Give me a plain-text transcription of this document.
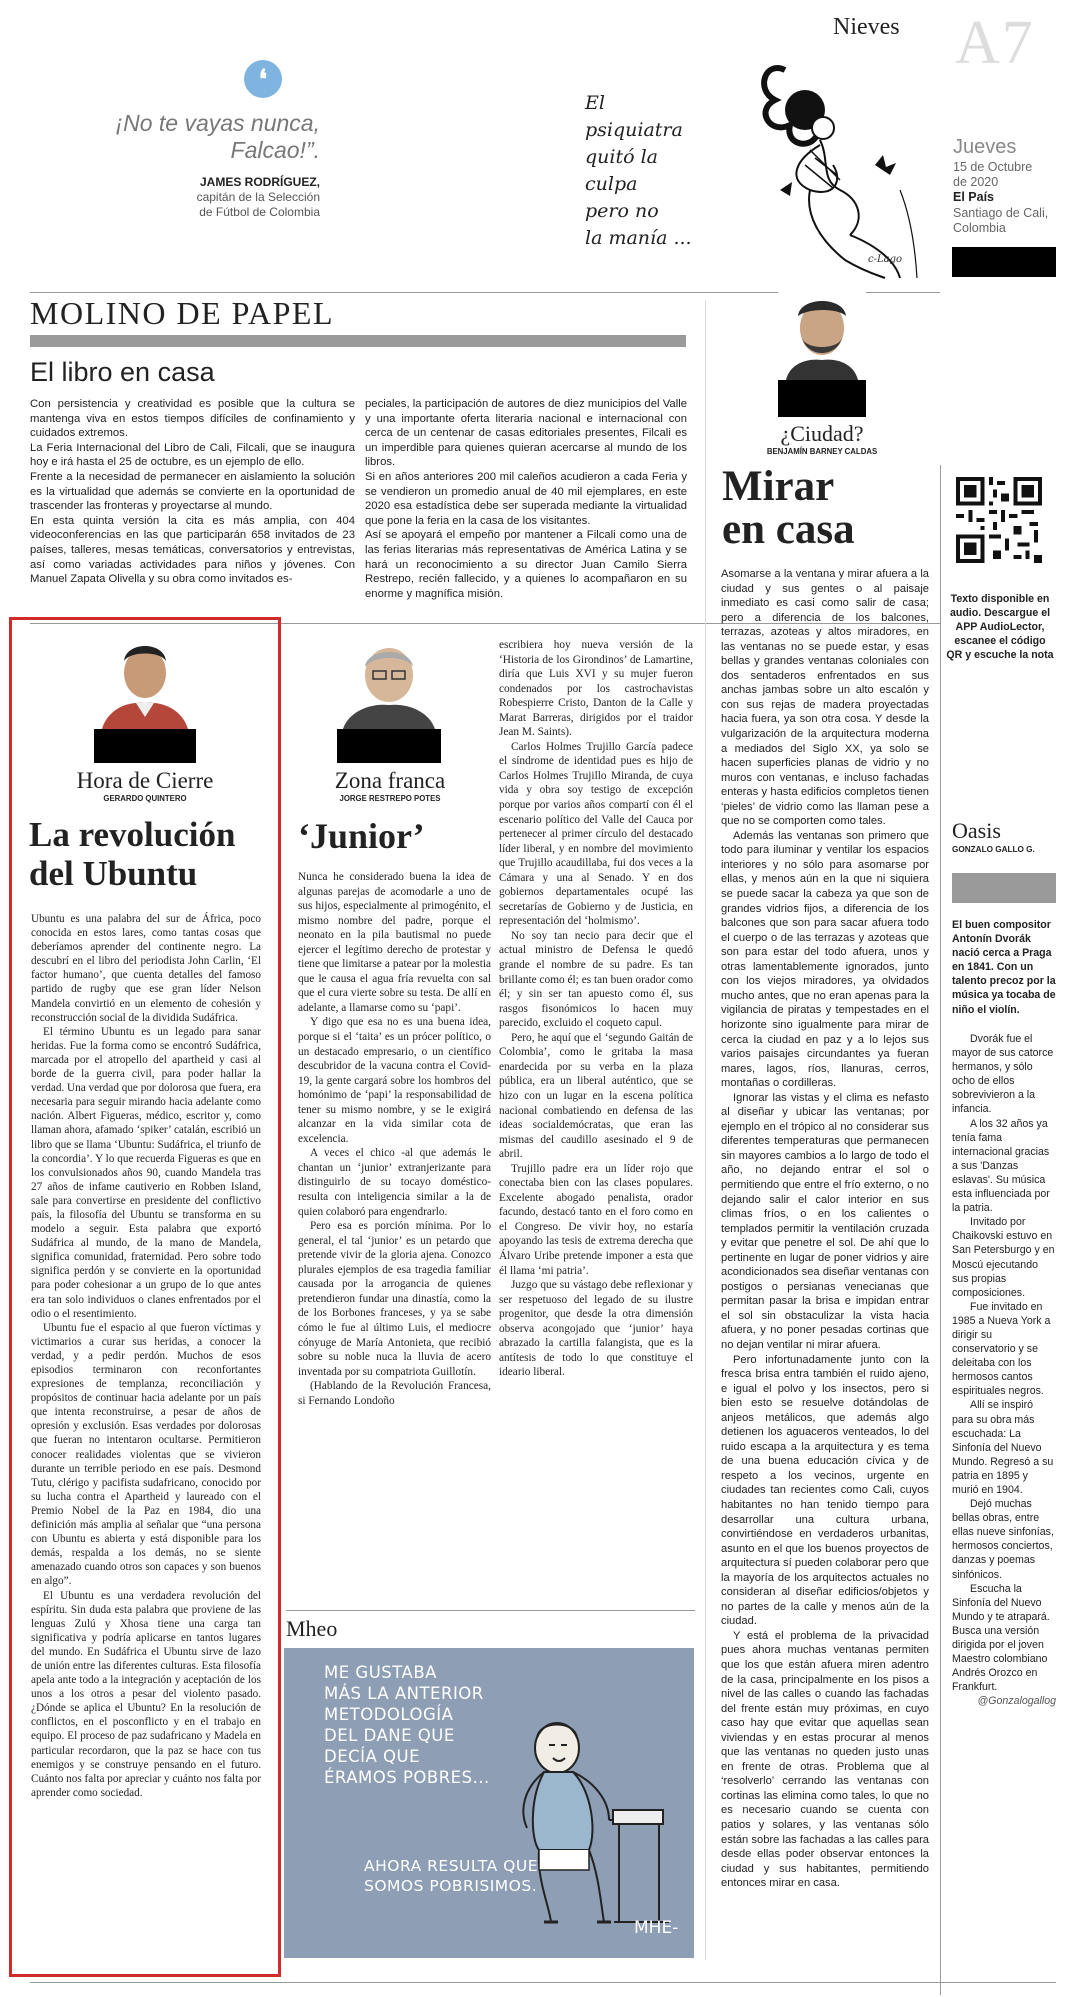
Nieves A7
Jueves
15 de Octubre
de 2020
El País
Santiago de Cali,
Colombia
❛
¡No te vayas nunca,
Falcao!”.
JAMES RODRÍGUEZ,
capitán de la Selección
de Fútbol de Colombia
El
psiquiatra
quitó la
culpa
pero no
la manía ...
c-Lago
MOLINO DE PAPEL
El libro en casa

Con persistencia y creatividad es posible que la cultura se mantenga viva en estos tiempos difíciles de confinamiento y cuidados extremos.

La Feria Internacional del Libro de Cali, Filcali, que se inaugura hoy e irá hasta el 25 de octubre, es un ejemplo de ello.

Frente a la necesidad de permanecer en aislamiento la solución es la virtualidad que además se convierte en la oportunidad de trascender las fronteras y proyectarse al mundo.

En esta quinta versión la cita es más amplia, con 404 videoconferencias en las que participarán 658 invitados de 23 países, talleres, mesas temáticas, conversatorios y entrevistas, así como variadas actividades para niños y jóvenes. Con Manuel Zapata Olivella y su obra como invitados es-

peciales, la participación de autores de diez municipios del Valle y una importante oferta literaria nacional e internacional con cerca de un centenar de casas editoriales presentes, Filcali es un imperdible para quienes quieran acercarse al mundo de los libros.

Si en años anteriores 200 mil caleños acudieron a cada Feria y se vendieron un promedio anual de 40 mil ejemplares, en este 2020 esa estadística debe ser superada mediante la virtualidad que pone la feria en la casa de los visitantes.

Así se apoyará el empeño por mantener a Filcali como una de las ferias literarias más representativas de América Latina y se hará un reconocimiento a su director Juan Camilo Sierra Restrepo, recién fallecido, y a quienes lo acompañaron en su enorme y magnífica misión.

¿Ciudad?
BENJAMÍN BARNEY CALDAS
Mirar
en casa

Asomarse a la ventana y mirar afuera a la ciudad y sus gentes o al paisaje inmediato es casi como salir de casa; pero a diferencia de los balcones, terrazas, azoteas y altos miradores, en las ventanas no se puede estar, y esas bellas y grandes ventanas coloniales con dos sentaderos enfrentados en sus anchas jambas sobre un alto escalón y con sus rejas de madera proyectadas hacia fuera, ya son otra cosa. Y desde la vulgarización de la arquitectura moderna a mediados del Siglo XX, ya solo se hacen superficies planas de vidrio y no muros con ventanas, e incluso fachadas enteras y hasta edificios completos tienen ‘pieles’ de vidrio como las llaman pese a que no se comporten como tales.

Además las ventanas son primero que todo para iluminar y ventilar los espacios interiores y no sólo para asomarse por ellas, y menos aún en la que ni siquiera se puede sacar la cabeza ya que son de grandes vidrios fijos, a diferencia de los balcones que son para sacar afuera todo el cuerpo o de las terrazas y azoteas que son para estar del todo afuera, unos y otras lamentablemente ignorados, junto con los viejos miradores, ya olvidados mucho antes, que no eran apenas para la vigilancia de piratas y tempestades en el horizonte sino igualmente para mirar de cerca la ciudad en paz y a lo lejos sus varios paisajes circundantes ya fueran mares, lagos, ríos, llanuras, cerros, montañas o cordilleras.

Ignorar las vistas y el clima es nefasto al diseñar y ubicar las ventanas; por ejemplo en el trópico al no considerar sus diferentes temperaturas que permanecen sin mayores cambios a lo largo de todo el año, no dejando entrar el sol o permitiendo que entre el frío externo, o no dejando salir el calor interior en sus climas fríos, o en los calientes o templados permitir la ventilación cruzada y evitar que penetre el sol. De ahí que lo pertinente en lugar de poner vidrios y aire acondicionados sea diseñar ventanas con postigos o persianas venecianas que permitan pasar la brisa e impidan entrar el sol sin obstaculizar la vista hacia afuera, y no poner pesadas cortinas que no dejan ventilar ni mirar afuera.

Pero infortunadamente junto con la fresca brisa entra también el ruido ajeno, e igual el polvo y los insectos, pero si bien esto se resuelve dotándolas de anjeos metálicos, que además algo detienen los aguaceros venteados, lo del ruido escapa a la arquitectura y es tema de una buena educación cívica y de respeto a los vecinos, urgente en ciudades tan recientes como Cali, cuyos habitantes no han tenido tiempo para desarrollar una cultura urbana, convirtiéndose en verdaderos urbanitas, asunto en el que los buenos proyectos de arquitectura sí pueden colaborar pero que la mayoría de los arquitectos actuales no consideran al diseñar edificios/objetos y no partes de la calle y menos aún de la ciudad.

Y está el problema de la privacidad pues ahora muchas ventanas permiten que los que están afuera miren adentro de la casa, principalmente en los pisos a nivel de las calles o cuando las fachadas del frente están muy próximas, en cuyo caso hay que evitar que aquellas sean viviendas y en estas procurar al menos que las ventanas no queden justo unas en frente de otras. Problema que al ‘resolverlo’ cerrando las ventanas con cortinas las elimina como tales, lo que no es necesario cuando se cuenta con patios y solares, y las ventanas sólo están sobre las fachadas a las calles para desde ellas poder observar entonces la ciudad y sus habitantes, permitiendo entonces mirar en casa.

Texto disponible en audio. Descargue el APP AudioLector, escanee el código QR y escuche la nota
Oasis
GONZALO GALLO G.
El buen compositor Antonín Dvorák nació cerca a Praga en 1841. Con un talento precoz por la música ya tocaba de niño el violín.

Dvorák fue el mayor de sus catorce hermanos, y sólo ocho de ellos sobrevivieron a la infancia.

A los 32 años ya tenía fama internacional gracias a sus 'Danzas eslavas'. Su música esta influenciada por la patria.

Invitado por Chaikovski estuvo en San Petersburgo y en Moscú ejecutando sus propias composiciones.

Fue invitado en 1985 a Nueva York a dirigir su conservatorio y se deleitaba con los hermosos cantos espirituales negros.

Allí se inspiró para su obra más escuchada: La Sinfonía del Nuevo Mundo. Regresó a su patria en 1895 y murió en 1904.

Dejó muchas bellas obras, entre ellas nueve sinfonías, hermosos conciertos, danzas y poemas sinfónicos.

Escucha la Sinfonía del Nuevo Mundo y te atrapará. Busca una versión dirigida por el joven Maestro colombiano Andrés Orozco en Frankfurt.

@Gonzalogallog

Hora de Cierre
GERARDO QUINTERO
La revolución
del Ubuntu

Ubuntu es una palabra del sur de África, poco conocida en estos lares, como tantas cosas que deberíamos aprender del continente negro. La descubrí en el libro del periodista John Carlin, ‘El factor humano’, que cuenta detalles del famoso partido de rugby que ese gran líder Nelson Mandela convirtió en un elemento de cohesión y reconstrucción social de la dividida Sudáfrica.

El término Ubuntu es un legado para sanar heridas. Fue la forma como se encontró Sudáfrica, marcada por el atropello del apartheid y casi al borde de la guerra civil, para poder hallar la verdad. Una verdad que por dolorosa que fuera, era necesaria para seguir mirando hacia adelante como nación. Albert Figueras, médico, escritor y, como llaman ahora, afamado ‘spiker’ catalán, escribió un libro que se llama ‘Ubuntu: Sudáfrica, el triunfo de la concordia’. Y lo que recuerda Figueras es que en los convulsionados años 90, cuando Mandela tras 27 años de infame cautiverio en Robben Island, sale para convertirse en presidente del conflictivo país, la filosofía del Ubuntu se transforma en su modelo a seguir. Esta palabra que exportó Sudáfrica al mundo, de la mano de Mandela, significa comunidad, fraternidad. Pero sobre todo significa perdón y se convierte en la oportunidad para poder cohesionar a un grupo de lo que antes era tan solo individuos o clanes enfrentados por el odio o el resentimiento.

Ubuntu fue el espacio al que fueron víctimas y victimarios a curar sus heridas, a conocer la verdad, y a pedir perdón. Muchos de esos episodios terminaron con reconfortantes expresiones de templanza, reconciliación y propósitos de continuar hacia adelante por un país que intenta reconstruirse, a pesar de años de opresión y exclusión. Esas verdades por dolorosas que fueran no intentaron ocultarse. Permitieron conocer realidades violentas que se vivieron durante un terrible periodo en ese país. Desmond Tutu, clérigo y pacifista sudafricano, conocido por su lucha contra el Apartheid y laureado con el Premio Nobel de la Paz en 1984, dio una definición más amplia al señalar que “una persona con Ubuntu es abierta y está disponible para los demás, respalda a los demás, no se siente amenazado cuando otros son capaces y son buenos en algo”.

El Ubuntu es una verdadera revolución del espíritu. Sin duda esta palabra que proviene de las lenguas Zulú y Xhosa tiene una carga tan significativa y podría aplicarse en tantos lugares del mundo. En Sudáfrica el Ubuntu sirve de lazo de unión entre las diferentes culturas. Esta filosofía apela ante todo a la integración y aceptación de los unos a los otros a pesar del violento pasado. ¿Dónde se aplica el Ubuntu? En la resolución de conflictos, en el posconflicto y en el trabajo en equipo. El proceso de paz sudafricano y Madela en particular recordaron, que la paz se hace con tus enemigos y se construye pensando en el futuro. Cuánto nos falta por apreciar y cuánto nos falta por aprender como sociedad.

Zona franca
JORGE RESTREPO POTES
‘Junior’

Nunca he considerado buena la idea de algunas parejas de acomodarle a uno de sus hijos, especialmente al primogénito, el mismo nombre del padre, porque el neonato en la pila bautismal no puede ejercer el legítimo derecho de protestar y tiene que limitarse a patear por la molestia que le causa el agua fría revuelta con sal que el cura vierte sobre su testa. De allí en adelante, a llamarse como su ‘papi’.

Y digo que esa no es una buena idea, porque si el ‘taita’ es un prócer político, o un destacado empresario, o un científico descubridor de la vacuna contra el Covid-19, la gente cargará sobre los hombros del homónimo de ‘papi’ la responsabilidad de tener su mismo nombre, y se le exigirá alcanzar en la vida similar cota de excelencia.

A veces el chico -al que además le chantan un ‘junior’ extranjerizante para distinguirlo de su tocayo doméstico- resulta con inteligencia similar a la de quien colaboró para engendrarlo.

Pero esa es porción mínima. Por lo general, el tal ‘junior’ es un petardo que pretende vivir de la gloria ajena. Conozco plurales ejemplos de esa tragedia familiar causada por la arrogancia de quienes pretendieron fundar una dinastía, como la de los Borbones franceses, y ya se sabe cómo le fue al último Luis, el mediocre cónyuge de María Antonieta, que recibió sobre su noble nuca la lluvia de acero inventada por su compatriota Guillotín.

(Hablando de la Revolución Francesa, si Fernando Londoño

escribiera hoy nueva versión de la ‘Historia de los Girondinos’ de Lamartine, diría que Luis XVI y su mujer fueron condenados por los castrochavistas Robespierre Cristo, Danton de la Calle y Marat Barreras, dirigidos por el traidor Jean M. Saints).

Carlos Holmes Trujillo García padece el síndrome de identidad pues es hijo de Carlos Holmes Trujillo Miranda, de cuya vida y obra soy testigo de excepción porque por varios años compartí con él el escenario político del Valle del Cauca por pertenecer al primer círculo del destacado líder liberal, y en nombre del movimiento que Trujillo acaudillaba, fui dos veces a la Cámara y una al Senado. Y en dos gobiernos departamentales ocupé las secretarías de Gobierno y de Justicia, en representación del ‘holmismo’.

No soy tan necio para decir que el actual ministro de Defensa le quedó grande el nombre de su padre. Es tan brillante como él; es tan buen orador como él; y sin ser tan apuesto como él, sus rasgos fisonómicos lo hacen muy parecido, excluido el coqueto capul.

Pero, he aquí que el ‘segundo Gaitán de Colombia’, como le gritaba la masa enardecida por su verba en la plaza pública, era un liberal auténtico, que se hizo con un lugar en la escena política nacional combatiendo en defensa de las ideas socialdemócratas, que eran las mismas del caudillo asesinado el 9 de abril.

Trujillo padre era un líder rojo que conectaba bien con las clases populares. Excelente abogado penalista, orador facundo, destacó tanto en el foro como en el Congreso. De vivir hoy, no estaría apoyando las tesis de extrema derecha que Álvaro Uribe pretende imponer a esta que él llama ‘mi patria’.

Juzgo que su vástago debe reflexionar y ser respetuoso del legado de su ilustre progenitor, que desde la otra dimensión observa acongojado que ‘junior’ haya abrazado la cartilla falangista, que es la antítesis de todo lo que constituye el ideario liberal.

Mheo
ME GUSTABA
MÁS LA ANTERIOR
METODOLOGÍA
DEL DANE QUE
DECÍA QUE
ÉRAMOS POBRES...
AHORA RESULTA QUE
SOMOS POBRISIMOS.
MHE-
